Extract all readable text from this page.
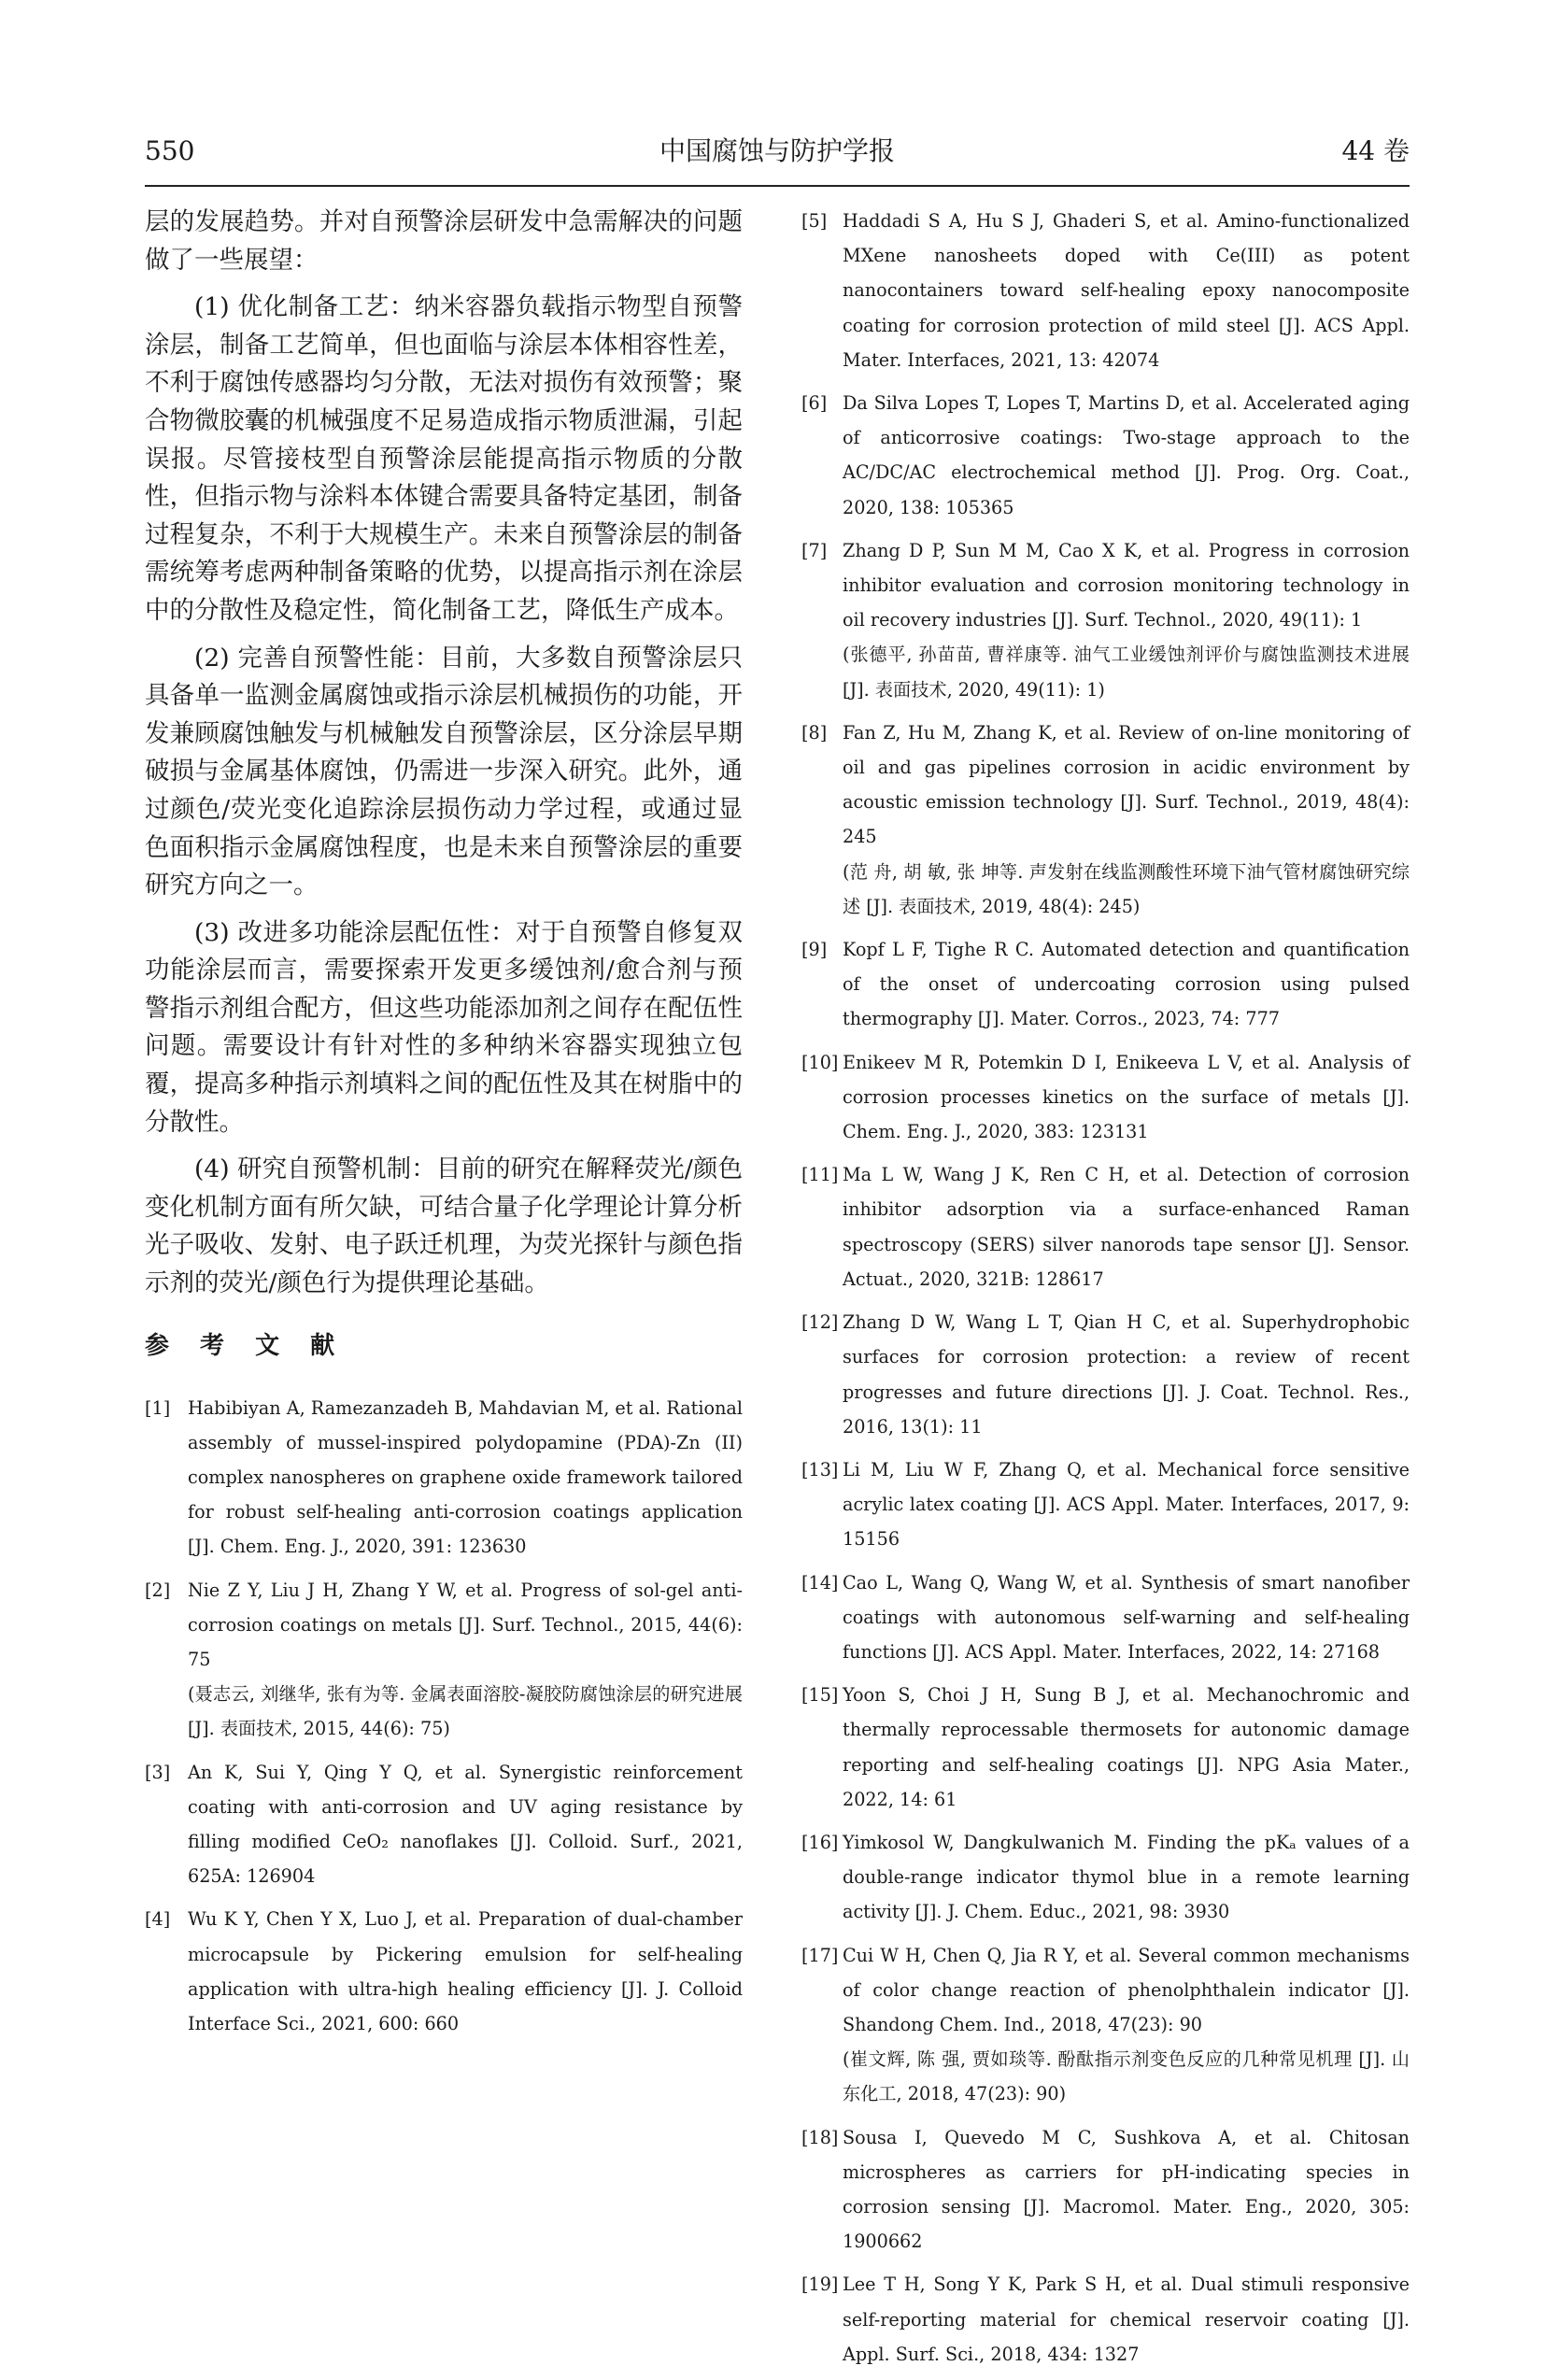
550	中国腐蚀与防护学报	44 卷

层的发展趋势。并对自预警涂层研发中急需解决的问题做了一些展望：

(1) 优化制备工艺：纳米容器负载指示物型自预警涂层，制备工艺简单，但也面临与涂层本体相容性差，不利于腐蚀传感器均匀分散，无法对损伤有效预警；聚合物微胶囊的机械强度不足易造成指示物质泄漏，引起误报。尽管接枝型自预警涂层能提高指示物质的分散性，但指示物与涂料本体键合需要具备特定基团，制备过程复杂，不利于大规模生产。未来自预警涂层的制备需统筹考虑两种制备策略的优势，以提高指示剂在涂层中的分散性及稳定性，简化制备工艺，降低生产成本。

(2) 完善自预警性能：目前，大多数自预警涂层只具备单一监测金属腐蚀或指示涂层机械损伤的功能，开发兼顾腐蚀触发与机械触发自预警涂层，区分涂层早期破损与金属基体腐蚀，仍需进一步深入研究。此外，通过颜色/荧光变化追踪涂层损伤动力学过程，或通过显色面积指示金属腐蚀程度，也是未来自预警涂层的重要研究方向之一。

(3) 改进多功能涂层配伍性：对于自预警自修复双功能涂层而言，需要探索开发更多缓蚀剂/愈合剂与预警指示剂组合配方，但这些功能添加剂之间存在配伍性问题。需要设计有针对性的多种纳米容器实现独立包覆，提高多种指示剂填料之间的配伍性及其在树脂中的分散性。

(4) 研究自预警机制：目前的研究在解释荧光/颜色变化机制方面有所欠缺，可结合量子化学理论计算分析光子吸收、发射、电子跃迁机理，为荧光探针与颜色指示剂的荧光/颜色行为提供理论基础。

参 考 文 献
[1] Habibiyan A, Ramezanzadeh B, Mahdavian M, et al. Rational assembly of mussel-inspired polydopamine (PDA)-Zn (II) complex nanospheres on graphene oxide framework tailored for robust self-healing anti-corrosion coatings application [J]. Chem. Eng. J., 2020, 391: 123630
[2] Nie Z Y, Liu J H, Zhang Y W, et al. Progress of sol-gel anti-corrosion coatings on metals [J]. Surf. Technol., 2015, 44(6): 75
(聂志云, 刘继华, 张有为等. 金属表面溶胶-凝胶防腐蚀涂层的研究进展 [J]. 表面技术, 2015, 44(6): 75)
[3] An K, Sui Y, Qing Y Q, et al. Synergistic reinforcement coating with anti-corrosion and UV aging resistance by filling modified CeO₂ nanoflakes [J]. Colloid. Surf., 2021, 625A: 126904
[4] Wu K Y, Chen Y X, Luo J, et al. Preparation of dual-chamber microcapsule by Pickering emulsion for self-healing application with ultra-high healing efficiency [J]. J. Colloid Interface Sci., 2021, 600: 660
[5] Haddadi S A, Hu S J, Ghaderi S, et al. Amino-functionalized MXene nanosheets doped with Ce(III) as potent nanocontainers toward self-healing epoxy nanocomposite coating for corrosion protection of mild steel [J]. ACS Appl. Mater. Interfaces, 2021, 13: 42074
[6] Da Silva Lopes T, Lopes T, Martins D, et al. Accelerated aging of anticorrosive coatings: Two-stage approach to the AC/DC/AC electrochemical method [J]. Prog. Org. Coat., 2020, 138: 105365
[7] Zhang D P, Sun M M, Cao X K, et al. Progress in corrosion inhibitor evaluation and corrosion monitoring technology in oil recovery industries [J]. Surf. Technol., 2020, 49(11): 1
(张德平, 孙苗苗, 曹祥康等. 油气工业缓蚀剂评价与腐蚀监测技术进展 [J]. 表面技术, 2020, 49(11): 1)
[8] Fan Z, Hu M, Zhang K, et al. Review of on-line monitoring of oil and gas pipelines corrosion in acidic environment by acoustic emission technology [J]. Surf. Technol., 2019, 48(4): 245
(范 舟, 胡 敏, 张 坤等. 声发射在线监测酸性环境下油气管材腐蚀研究综述 [J]. 表面技术, 2019, 48(4): 245)
[9] Kopf L F, Tighe R C. Automated detection and quantification of the onset of undercoating corrosion using pulsed thermography [J]. Mater. Corros., 2023, 74: 777
[10] Enikeev M R, Potemkin D I, Enikeeva L V, et al. Analysis of corrosion processes kinetics on the surface of metals [J]. Chem. Eng. J., 2020, 383: 123131
[11] Ma L W, Wang J K, Ren C H, et al. Detection of corrosion inhibitor adsorption via a surface-enhanced Raman spectroscopy (SERS) silver nanorods tape sensor [J]. Sensor. Actuat., 2020, 321B: 128617
[12] Zhang D W, Wang L T, Qian H C, et al. Superhydrophobic surfaces for corrosion protection: a review of recent progresses and future directions [J]. J. Coat. Technol. Res., 2016, 13(1): 11
[13] Li M, Liu W F, Zhang Q, et al. Mechanical force sensitive acrylic latex coating [J]. ACS Appl. Mater. Interfaces, 2017, 9: 15156
[14] Cao L, Wang Q, Wang W, et al. Synthesis of smart nanofiber coatings with autonomous self-warning and self-healing functions [J]. ACS Appl. Mater. Interfaces, 2022, 14: 27168
[15] Yoon S, Choi J H, Sung B J, et al. Mechanochromic and thermally reprocessable thermosets for autonomic damage reporting and self-healing coatings [J]. NPG Asia Mater., 2022, 14: 61
[16] Yimkosol W, Dangkulwanich M. Finding the pKₐ values of a double-range indicator thymol blue in a remote learning activity [J]. J. Chem. Educ., 2021, 98: 3930
[17] Cui W H, Chen Q, Jia R Y, et al. Several common mechanisms of color change reaction of phenolphthalein indicator [J]. Shandong Chem. Ind., 2018, 47(23): 90
(崔文辉, 陈 强, 贾如琰等. 酚酞指示剂变色反应的几种常见机理 [J]. 山东化工, 2018, 47(23): 90)
[18] Sousa I, Quevedo M C, Sushkova A, et al. Chitosan microspheres as carriers for pH-indicating species in corrosion sensing [J]. Macromol. Mater. Eng., 2020, 305: 1900662
[19] Lee T H, Song Y K, Park S H, et al. Dual stimuli responsive self-reporting material for chemical reservoir coating [J]. Appl. Surf. Sci., 2018, 434: 1327
